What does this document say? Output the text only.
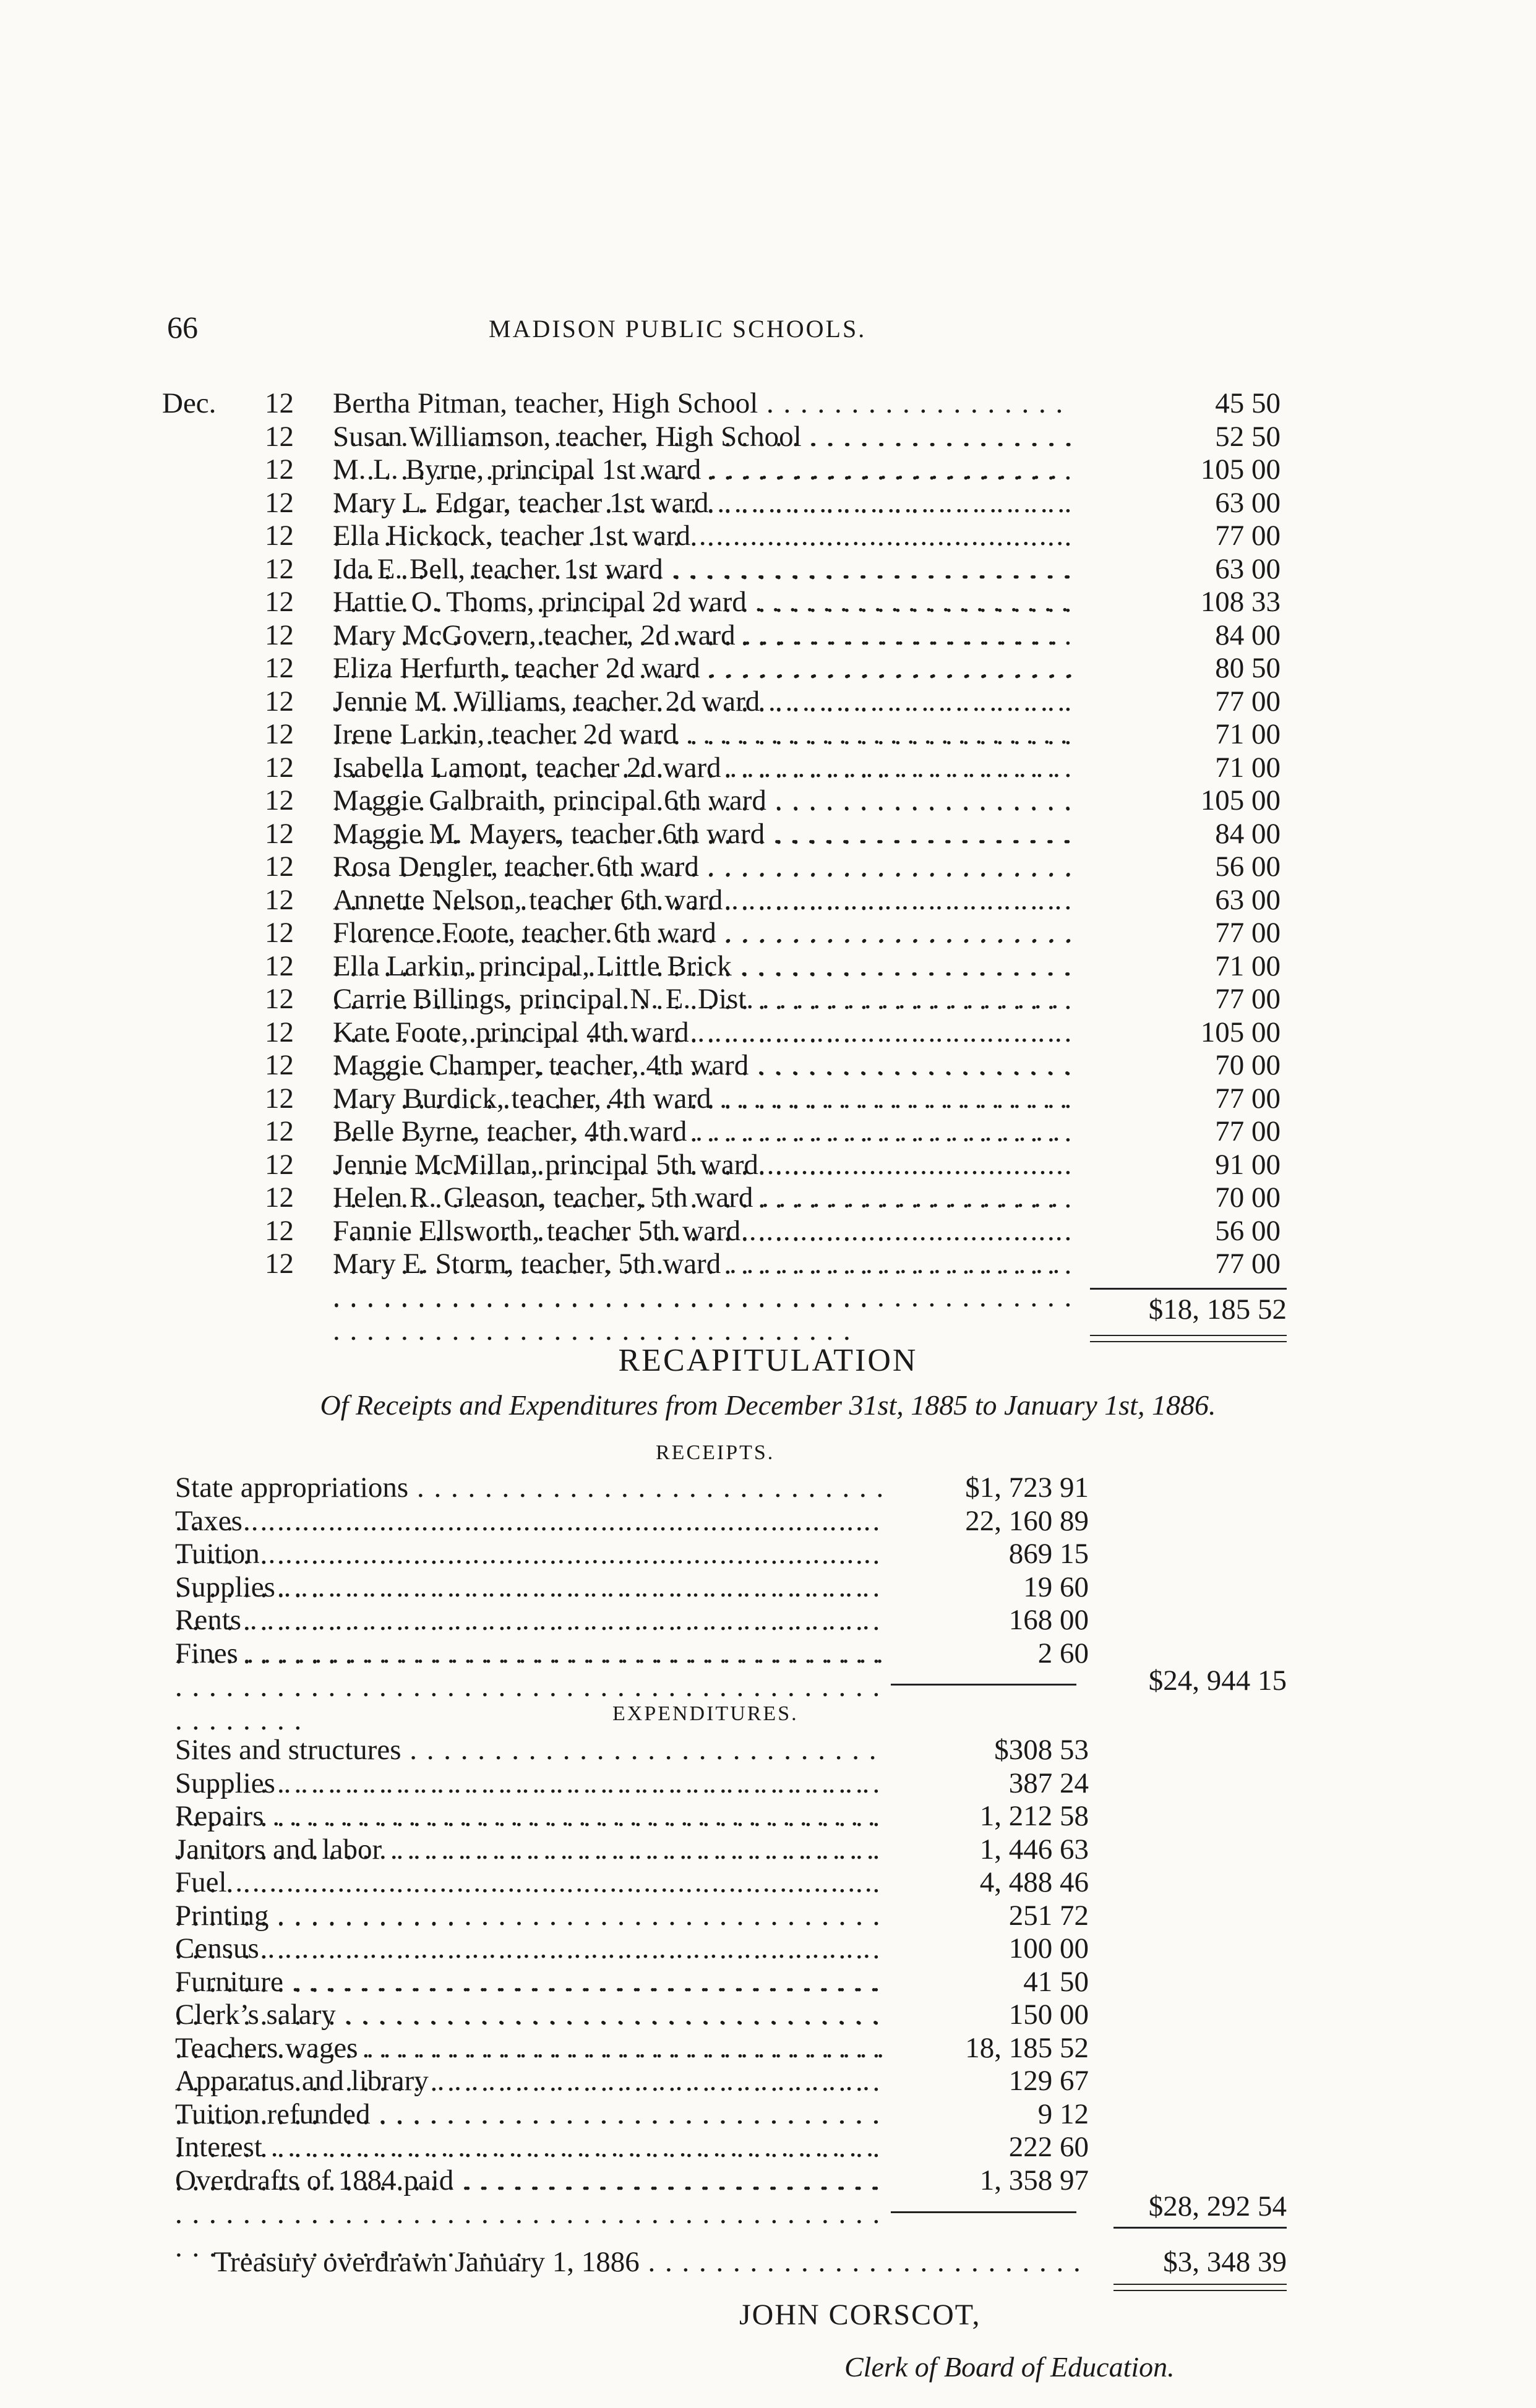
66	MADISON PUBLIC SCHOOLS.
Dec. 12 Bertha Pitman, teacher, High School . . .	45 50
12 Susan Williamson, teacher, High School . . .	52 50
12 M. L. Byrne, principal 1st ward . . .	105 00
12 Mary L. Edgar, teacher 1st ward . . .	63 00
12 Ella Hickock, teacher 1st ward . . .	77 00
12 Ida E. Bell, teacher 1st ward . . .	63 00
12 Hattie O. Thoms, principal 2d ward . . .	108 33
12 Mary McGovern, teacher, 2d ward . . .	84 00
12 Eliza Herfurth, teacher 2d ward . . .	80 50
12 Jennie M. Williams, teacher 2d ward . . .	77 00
12 Irene Larkin, teacher 2d ward . . .	71 00
12 Isabella Lamont, teacher 2d ward . . .	71 00
12 Maggie Galbraith, principal 6th ward . . .	105 00
12 Maggie M. Mayers, teacher 6th ward . . .	84 00
12 Rosa Dengler, teacher 6th ward . . .	56 00
12 Annette Nelson, teacher 6th ward . . .	63 00
12 Florence Foote, teacher 6th ward . . .	77 00
12 Ella Larkin, principal, Little Brick . . .	71 00
12 Carrie Billings, principal N. E. Dist. . . .	77 00
12 Kate Foote, principal 4th ward . . .	105 00
12 Maggie Champer, teacher, 4th ward . . .	70 00
12 Mary Burdick, teacher, 4th ward . . .	77 00
12 Belle Byrne, teacher, 4th ward . . .	77 00
12 Jennie McMillan, principal 5th ward . . .	91 00
12 Helen R. Gleason, teacher, 5th ward . . .	70 00
12 Fannie Ellsworth, teacher 5th ward . . .	56 00
12 Mary E. Storm, teacher, 5th ward . . .	77 00
$18, 185 52
RECAPITULATION
Of Receipts and Expenditures from December 31st, 1885 to January 1st, 1886.
RECEIPTS.
State appropriations . . .	$1, 723 91
Taxes . . .	22, 160 89
Tuition . . .	869 15
Supplies . . .	19 60
Rents . . .	168 00
Fines . . .	2 60
$24, 944 15
EXPENDITURES.
Sites and structures . . .	$308 53
Supplies . . .	387 24
Repairs . . .	1, 212 58
Janitors and labor . . .	1, 446 63
Fuel . . .	4, 488 46
Printing . . .	251 72
Census . . .	100 00
Furniture . . .	41 50
Clerk’s salary . . .	150 00
Teachers wages . . .	18, 185 52
Apparatus and library . . .	129 67
Tuition refunded . . .	9 12
Interest . . .	222 60
Overdrafts of 1884 paid . . .	1, 358 97
$28, 292 54
Treasury overdrawn January 1, 1886 . . .	$3, 348 39
JOHN CORSCOT,
Clerk of Board of Education.
